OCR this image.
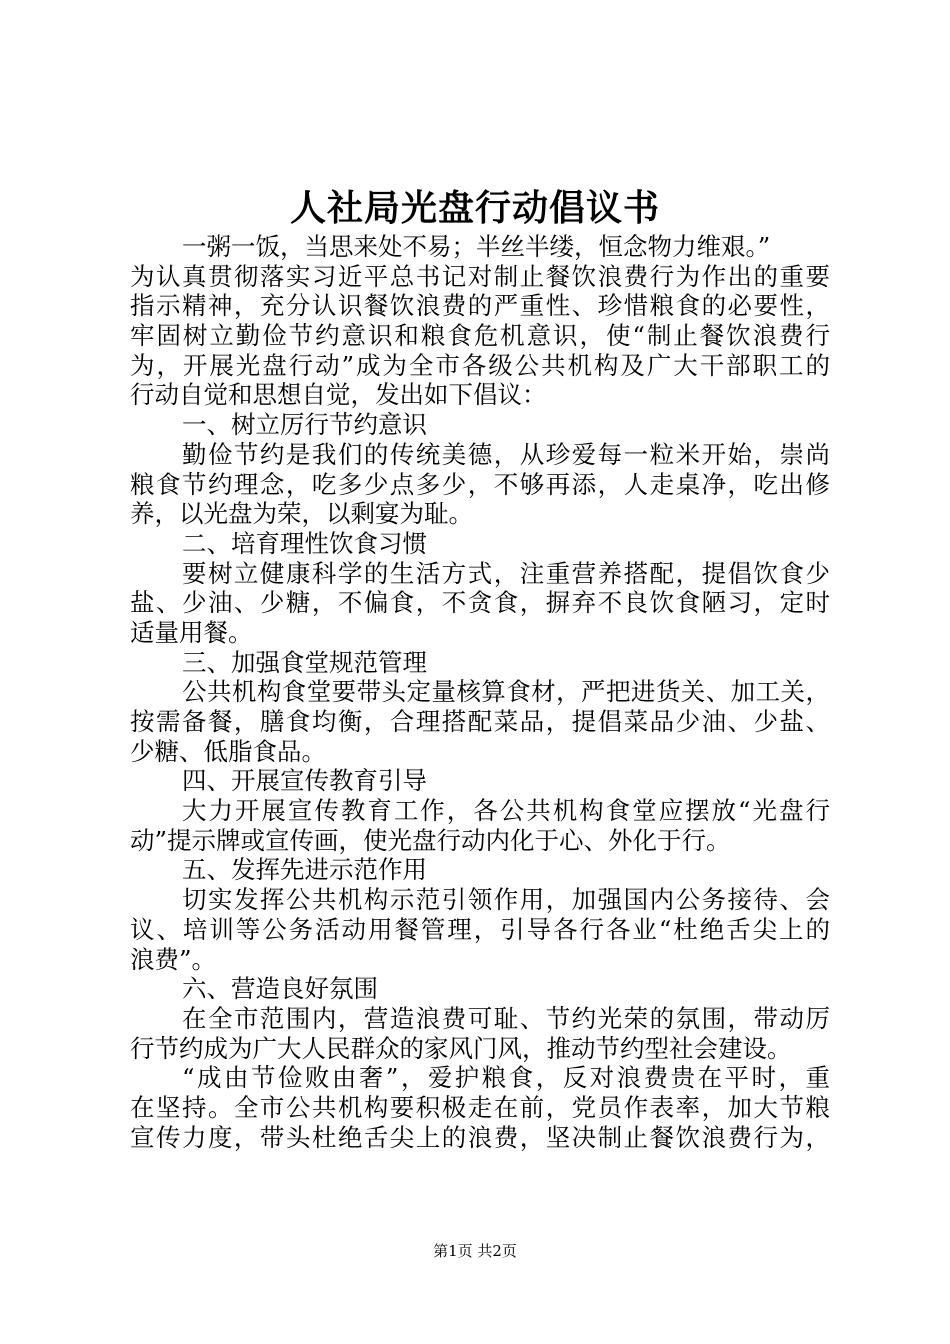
人社局光盘行动倡议书
一粥一饭，当思来处不易；半丝半缕，恒念物力维艰。”
为认真贯彻落实习近平总书记对制止餐饮浪费行为作出的重要
指示精神，充分认识餐饮浪费的严重性、珍惜粮食的必要性，
牢固树立勤俭节约意识和粮食危机意识，使“制止餐饮浪费行
为，开展光盘行动”成为全市各级公共机构及广大干部职工的
行动自觉和思想自觉，发出如下倡议：
一、树立厉行节约意识
勤俭节约是我们的传统美德，从珍爱每一粒米开始，崇尚
粮食节约理念，吃多少点多少，不够再添，人走桌净，吃出修
养，以光盘为荣，以剩宴为耻。
二、培育理性饮食习惯
要树立健康科学的生活方式，注重营养搭配，提倡饮食少
盐、少油、少糖，不偏食，不贪食，摒弃不良饮食陋习，定时
适量用餐。
三、加强食堂规范管理
公共机构食堂要带头定量核算食材，严把进货关、加工关，
按需备餐，膳食均衡，合理搭配菜品，提倡菜品少油、少盐、
少糖、低脂食品。
四、开展宣传教育引导
大力开展宣传教育工作，各公共机构食堂应摆放“光盘行
动”提示牌或宣传画，使光盘行动内化于心、外化于行。
五、发挥先进示范作用
切实发挥公共机构示范引领作用，加强国内公务接待、会
议、培训等公务活动用餐管理，引导各行各业“杜绝舌尖上的
浪费”。
六、营造良好氛围
在全市范围内，营造浪费可耻、节约光荣的氛围，带动厉
行节约成为广大人民群众的家风门风，推动节约型社会建设。
“成由节俭败由奢”，爱护粮食，反对浪费贵在平时，重
在坚持。全市公共机构要积极走在前，党员作表率，加大节粮
宣传力度，带头杜绝舌尖上的浪费，坚决制止餐饮浪费行为，
第1页 共2页
